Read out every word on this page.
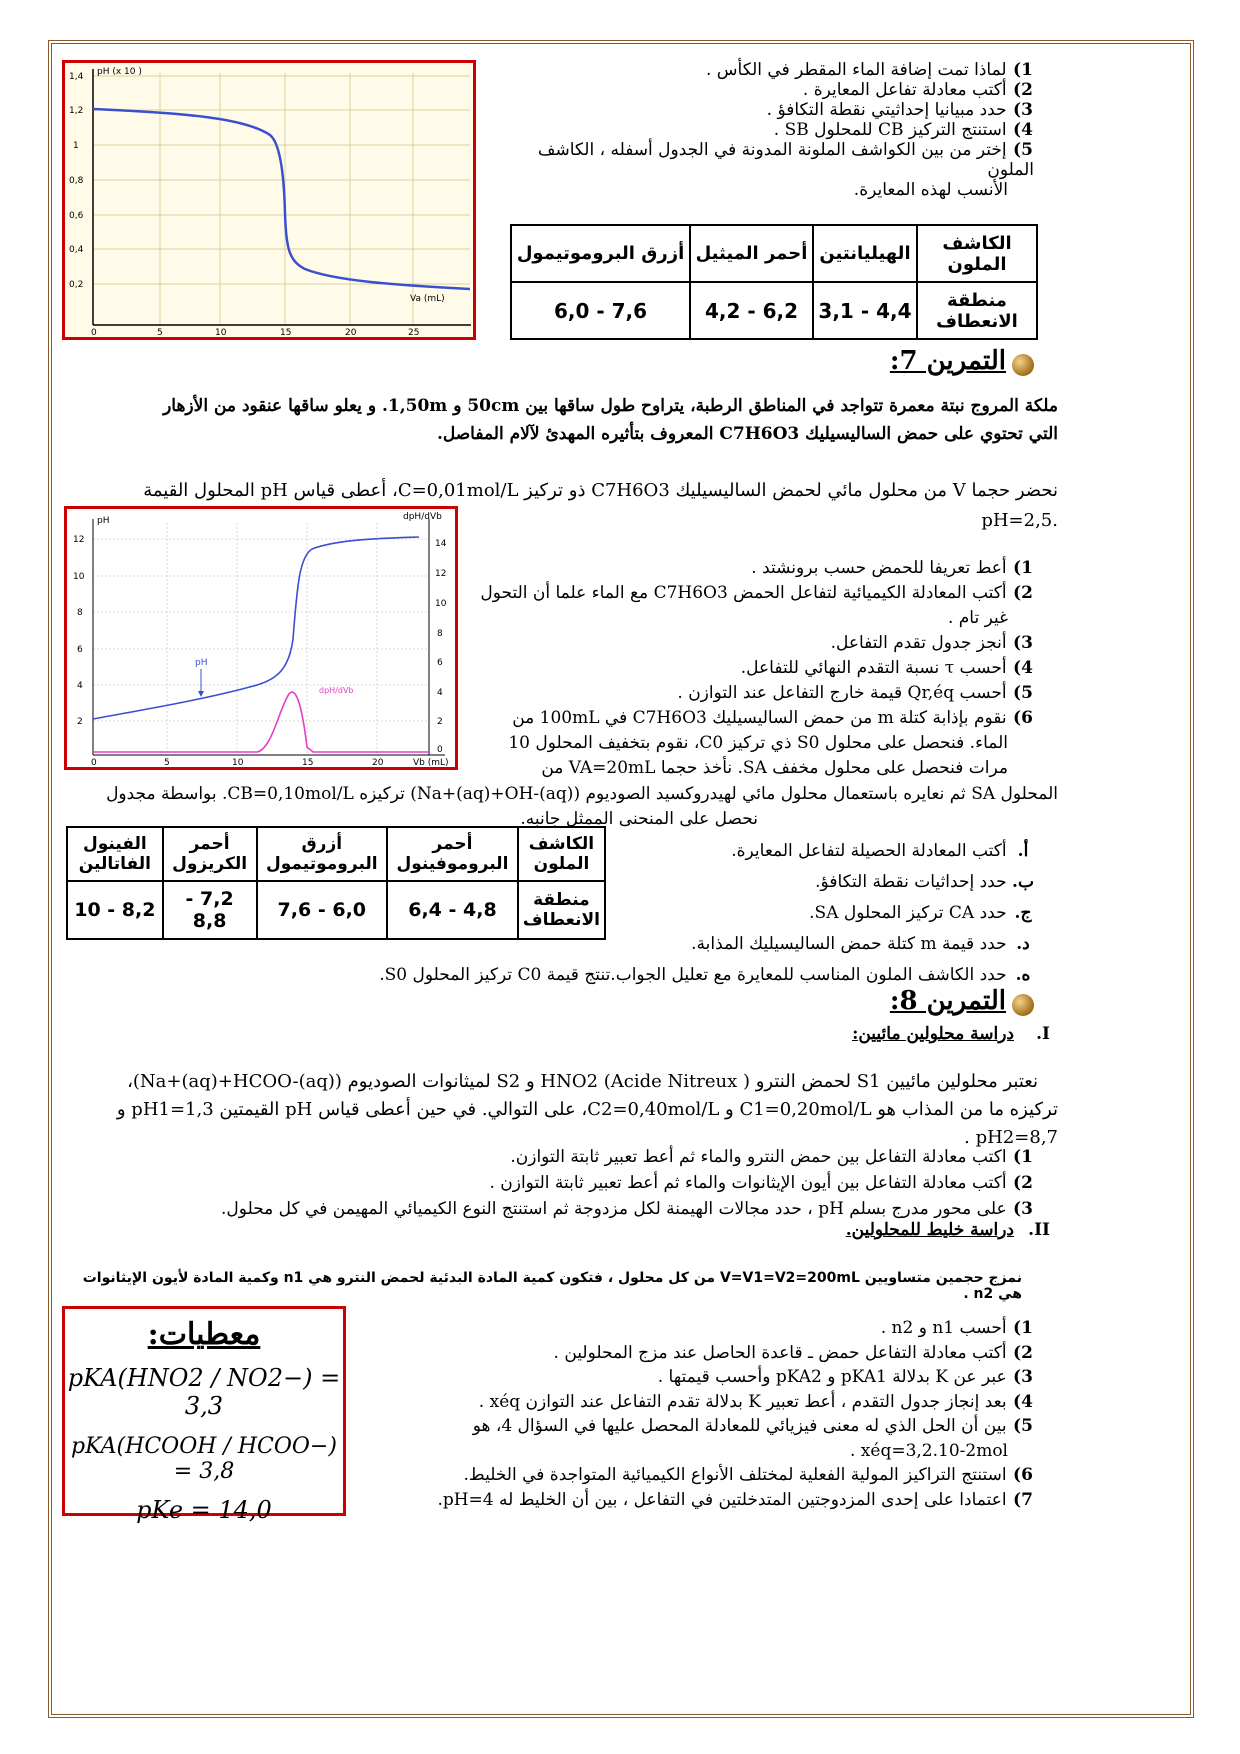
pH (x 10 )
Va (mL)
1,4
1,2
1
0,8
0,6
0,4
0,2
0	5	10	15	20	25
1) لماذا تمت إضافة الماء المقطر في الكأس .
2) أكتب معادلة تفاعل المعايرة .
3) حدد مبيانيا إحداثيتي نقطة التكافؤ .
4) استنتج التركيز CB للمحلول SB .
5) إختر من بين الكواشف الملونة المدونة في الجدول أسفله ، الكاشف الملون
الأنسب لهذه المعايرة.
الكاشف الملون	الهيليانتين	أحمر الميثيل	أزرق البروموتيمول
منطقة الانعطاف	4,4 - 3,1	6,2 - 4,2	7,6 - 6,0
التمرين 7:
ملكة المروج نبتة معمرة تتواجد في المناطق الرطبة، يتراوح طول ساقها بين 50cm و 1,50m. و يعلو ساقها عنقود من الأزهار
التي تحتوي على حمض الساليسيليك C7H6O3 المعروف بتأثيره المهدئ لآلام المفاصل.
نحضر حجما V من محلول مائي لحمض الساليسيليك C7H6O3 ذو تركيز C=0,01mol/L، أعطى قياس pH المحلول القيمة
.pH=2,5
pH	dpH/dVb
Vb (mL)
12
10
8
6
4
2
14
12
10
8
6
4
2
0
0	5	10	15	20
pH
dpH/dVb
1) أعط تعريفا للحمض حسب برونشتد .
2) أكتب المعادلة الكيميائية لتفاعل الحمض C7H6O3 مع الماء علما أن التحول
غير تام .
3) أنجز جدول تقدم التفاعل.
4) أحسب τ نسبة التقدم النهائي للتفاعل.
5) أحسب Qr,éq قيمة خارج التفاعل عند التوازن .
6) نقوم بإذابة كتلة m من حمض الساليسيليك C7H6O3 في 100mL من
الماء. فنحصل على محلول S0 ذي تركيز C0، نقوم بتخفيف المحلول 10
مرات فنحصل على محلول مخفف SA. نأخذ حجما VA=20mL من
المحلول SA ثم نعايره باستعمال محلول مائي لهيدروكسيد الصوديوم (Na+(aq)+OH-(aq)) تركيزه CB=0,10mol/L. بواسطة مجدول
نحصل على المنحنى الممثل جانبه.
أ. أكتب المعادلة الحصيلة لتفاعل المعايرة.
ب. حدد إحداثيات نقطة التكافؤ.
ج. حدد CA تركيز المحلول SA.
د. حدد قيمة m كتلة حمض الساليسيليك المذابة.
ه. حدد الكاشف الملون المناسب للمعايرة مع تعليل الجواب.تنتج قيمة C0 تركيز المحلول S0.
الكاشف الملون	أحمر البروموفينول	أزرق البروموتيمول	أحمر الكريزول	الفينول الفاتالين
منطقة الانعطاف	4,8 - 6,4	6,0 - 7,6	7,2 - 8,8	8,2 - 10
التمرين 8:
I.دراسة محلولين مائيين:
نعتبر محلولين مائيين S1 لحمض النترو ( HNO2 (Acide Nitreux و S2 لميثانوات الصوديوم (Na+(aq)+HCOO-(aq))،
تركيزه ما من المذاب هو C1=0,20mol/L و C2=0,40mol/L، على التوالي. في حين أعطى قياس pH القيمتين pH1=1,3 و pH2=8,7 .
1) اكتب معادلة التفاعل بين حمض النترو والماء ثم أعط تعبير ثابتة التوازن.
2) أكتب معادلة التفاعل بين أيون الإيثانوات والماء ثم أعط تعبير ثابتة التوازن .
3) على محور مدرج بسلم pH ، حدد مجالات الهيمنة لكل مزدوجة ثم استنتج النوع الكيميائي المهيمن في كل محلول.
II.دراسة خليط للمحلولين.
نمزج حجمين متساويين V=V1=V2=200mL من كل محلول ، فتكون كمية المادة البدئية لحمض النترو هي n1 وكمية المادة لأيون الإيثانوات هي n2 .
معطيات:
pKA(HNO2 / NO2−) = 3,3
pKA(HCOOH / HCOO−) = 3,8
pKe = 14,0
1) أحسب n1 و n2 .
2) أكتب معادلة التفاعل حمض ـ قاعدة الحاصل عند مزج المحلولين .
3) عبر عن K بدلالة pKA1 و pKA2 وأحسب قيمتها .
4) بعد إنجاز جدول التقدم ، أعط تعبير K بدلالة تقدم التفاعل عند التوازن xéq .
5) بين أن الحل الذي له معنى فيزيائي للمعادلة المحصل عليها في السؤال 4، هو
xéq=3,2.10-2mol .
6) استنتج التراكيز المولية الفعلية لمختلف الأنواع الكيميائية المتواجدة في الخليط.
7) اعتمادا على إحدى المزدوجتين المتدخلتين في التفاعل ، بين أن الخليط له pH=4.
